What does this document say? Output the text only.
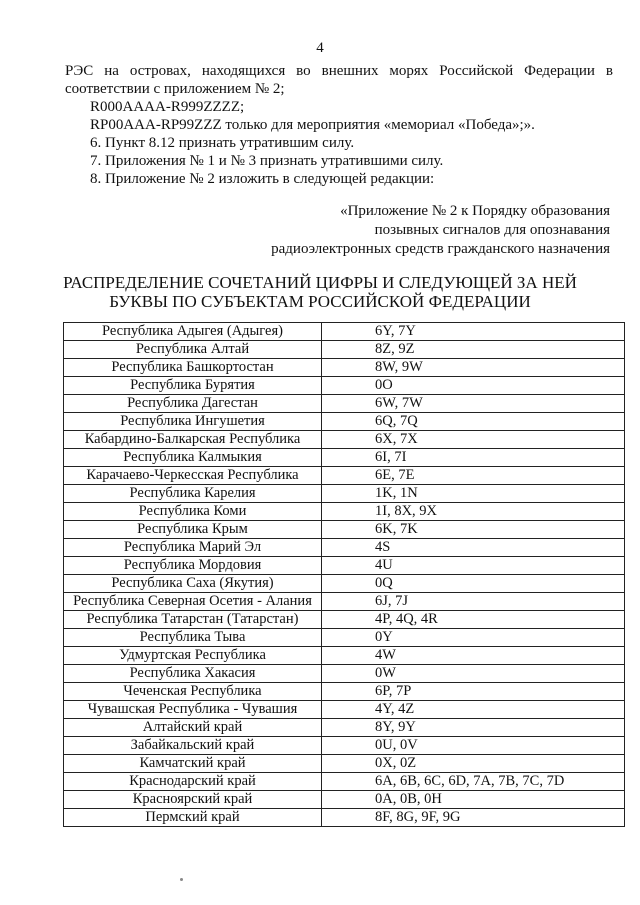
4

РЭС на островах, находящихся во внешних морях Российской Федерации в

соответствии с приложением № 2;

R000AAAA-R999ZZZZ;

RP00AAA-RP99ZZZ только для мероприятия «мемориал «Победа»;».

6. Пункт 8.12 признать утратившим силу.

7. Приложения № 1 и № 3 признать утратившими силу.

8. Приложение № 2 изложить в следующей редакции:

«Приложение № 2 к Порядку образования
позывных сигналов для опознавания
радиоэлектронных средств гражданского назначения
РАСПРЕДЕЛЕНИЕ СОЧЕТАНИЙ ЦИФРЫ И СЛЕДУЮЩЕЙ ЗА НЕЙ
БУКВЫ ПО СУБЪЕКТАМ РОССИЙСКОЙ ФЕДЕРАЦИИ
Республика Адыгея (Адыгея)	6Y, 7Y
Республика Алтай	8Z, 9Z
Республика Башкортостан	8W, 9W
Республика Бурятия	0O
Республика Дагестан	6W, 7W
Республика Ингушетия	6Q, 7Q
Кабардино-Балкарская Республика	6X, 7X
Республика Калмыкия	6I, 7I
Карачаево-Черкесская Республика	6E, 7E
Республика Карелия	1K, 1N
Республика Коми	1I, 8X, 9X
Республика Крым	6K, 7K
Республика Марий Эл	4S
Республика Мордовия	4U
Республика Саха (Якутия)	0Q
Республика Северная Осетия - Алания	6J, 7J
Республика Татарстан (Татарстан)	4P, 4Q, 4R
Республика Тыва	0Y
Удмуртская Республика	4W
Республика Хакасия	0W
Чеченская Республика	6P, 7P
Чувашская Республика - Чувашия	4Y, 4Z
Алтайский край	8Y, 9Y
Забайкальский край	0U, 0V
Камчатский край	0X, 0Z
Краснодарский край	6A, 6B, 6C, 6D, 7A, 7B, 7C, 7D
Красноярский край	0A, 0B, 0H
Пермский край	8F, 8G, 9F, 9G
